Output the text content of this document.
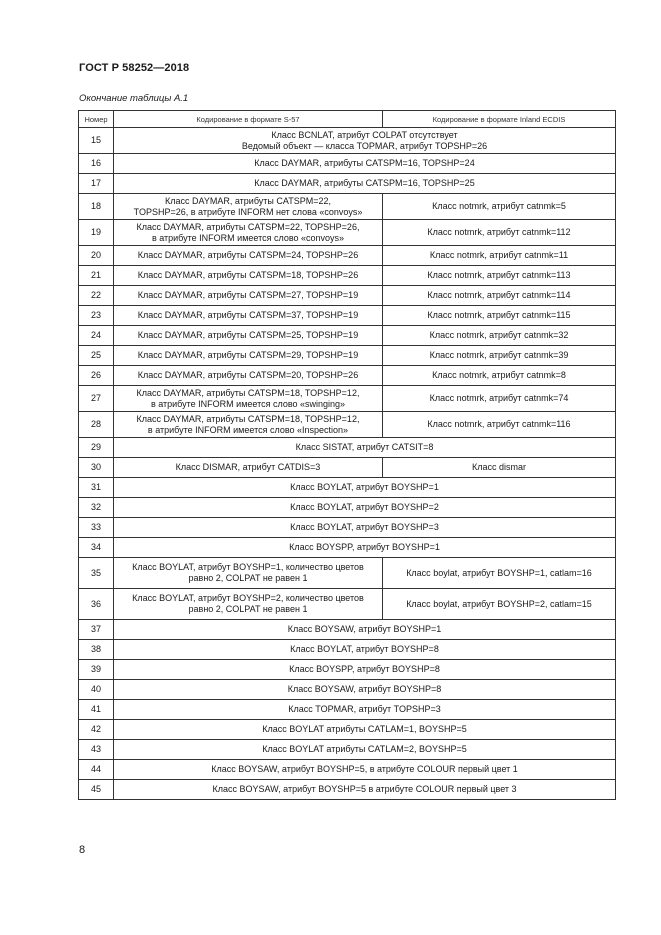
ГОСТ Р 58252—2018
Окончание таблицы А.1
Номер	Кодирование в формате S-57	Кодирование в формате Inland ECDIS
15	Класс BCNLAT, атрибут COLPAT отсутствует
Ведомый объект — класса TOPMAR, атрибут TOPSHP=26	
16	Класс DAYMAR, атрибуты CATSPM=16, TOPSHP=24	
17	Класс DAYMAR, атрибуты CATSPM=16, TOPSHP=25	
18	Класс DAYMAR, атрибуты CATSPM=22,
TOPSHP=26, в атрибуте INFORM нет слова «convoys»	Класс notmrk, атрибут catnmk=5
19	Класс DAYMAR, атрибуты CATSPM=22, TOPSHP=26,
в атрибуте INFORM имеется слово «convoys»	Класс notmrk, атрибут catnmk=112
20	Класс DAYMAR, атрибуты CATSPM=24, TOPSHP=26	Класс notmrk, атрибут catnmk=11
21	Класс DAYMAR, атрибуты CATSPM=18, TOPSHP=26	Класс notmrk, атрибут catnmk=113
22	Класс DAYMAR, атрибуты CATSPM=27, TOPSHP=19	Класс notmrk, атрибут catnmk=114
23	Класс DAYMAR, атрибуты CATSPM=37, TOPSHP=19	Класс notmrk, атрибут catnmk=115
24	Класс DAYMAR, атрибуты CATSPM=25, TOPSHP=19	Класс notmrk, атрибут catnmk=32
25	Класс DAYMAR, атрибуты CATSPM=29, TOPSHP=19	Класс notmrk, атрибут catnmk=39
26	Класс DAYMAR, атрибуты CATSPM=20, TOPSHP=26	Класс notmrk, атрибут catnmk=8
27	Класс DAYMAR, атрибуты CATSPM=18, TOPSHP=12,
в атрибуте INFORM имеется слово «swinging»	Класс notmrk, атрибут catnmk=74
28	Класс DAYMAR, атрибуты CATSPM=18, TOPSHP=12,
в атрибуте INFORM имеется слово «Inspection»	Класс notmrk, атрибут catnmk=116
29	Класс SISTAT, атрибут CATSIT=8	
30	Класс DISMAR, атрибут CATDIS=3	Класс dismar
31	Класс BOYLAT, атрибут BOYSHP=1	
32	Класс BOYLAT, атрибут BOYSHP=2	
33	Класс BOYLAT, атрибут BOYSHP=3	
34	Класс BOYSPP, атрибут BOYSHP=1	
35	Класс BOYLAT, атрибут BOYSHP=1, количество цветов
равно 2, COLPAT не равен 1	Класс boylat, атрибут BOYSHP=1, catlam=16
36	Класс BOYLAT, атрибут BOYSHP=2, количество цветов
равно 2, COLPAT не равен 1	Класс boylat, атрибут BOYSHP=2, catlam=15
37	Класс BOYSAW, атрибут BOYSHP=1	
38	Класс BOYLAT, атрибут BOYSHP=8	
39	Класс BOYSPP, атрибут BOYSHP=8	
40	Класс BOYSAW, атрибут BOYSHP=8	
41	Класс TOPMAR, атрибут TOPSHP=3	
42	Класс BOYLAT атрибуты CATLAM=1, BOYSHP=5	
43	Класс BOYLAT атрибуты CATLAM=2, BOYSHP=5	
44	Класс BOYSAW, атрибут BOYSHP=5, в атрибуте COLOUR первый цвет 1	
45	Класс BOYSAW, атрибут BOYSHP=5 в атрибуте COLOUR первый цвет 3	
8
